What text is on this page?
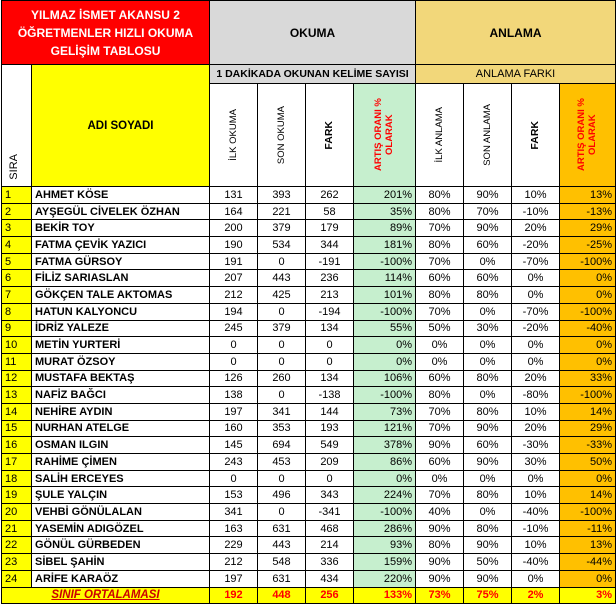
YILMAZ İSMET AKANSU 2 ÖĞRETMENLER HIZLI OKUMA GELİŞİM TABLOSU		OKUMA				ANLAMA			

SIRA	ADI SOYADI	1 DAKİKADA OKUNAN KELİME SAYISI				ANLAMA FARKI			

		İLK OKUMA	SON OKUMA	FARK	ARTIŞ ORANI % OLARAK	İLK ANLAMA	SON ANLAMA	FARK	ARTIŞ ORANI % OLARAK

1	AHMET KÖSE	131	393	262	201%	80%	90%	10%	13%
2	AYŞEGÜL CİVELEK ÖZHAN	164	221	58	35%	80%	70%	-10%	-13%
3	BEKİR TOY	200	379	179	89%	70%	90%	20%	29%
4	FATMA ÇEVİK YAZICI	190	534	344	181%	80%	60%	-20%	-25%
5	FATMA GÜRSOY	191	0	-191	-100%	70%	0%	-70%	-100%
6	FİLİZ SARIASLAN	207	443	236	114%	60%	60%	0%	0%
7	GÖKÇEN TALE AKTOMAS	212	425	213	101%	80%	80%	0%	0%
8	HATUN KALYONCU	194	0	-194	-100%	70%	0%	-70%	-100%
9	İDRİZ YALEZE	245	379	134	55%	50%	30%	-20%	-40%
10	METİN YURTERİ	0	0	0	0%	0%	0%	0%	0%
11	MURAT ÖZSOY	0	0	0	0%	0%	0%	0%	0%
12	MUSTAFA BEKTAŞ	126	260	134	106%	60%	80%	20%	33%
13	NAFİZ BAĞCI	138	0	-138	-100%	80%	0%	-80%	-100%
14	NEHİRE AYDIN	197	341	144	73%	70%	80%	10%	14%
15	NURHAN ATELGE	160	353	193	121%	70%	90%	20%	29%
16	OSMAN ILGIN	145	694	549	378%	90%	60%	-30%	-33%
17	RAHİME ÇİMEN	243	453	209	86%	60%	90%	30%	50%
18	SALİH ERCEYES	0	0	0	0%	0%	0%	0%	0%
19	ŞULE YALÇIN	153	496	343	224%	70%	80%	10%	14%
20	VEHBİ GÖNÜLALAN	341	0	-341	-100%	40%	0%	-40%	-100%
21	YASEMİN ADIGÖZEL	163	631	468	286%	90%	80%	-10%	-11%
22	GÖNÜL GÜRBEDEN	229	443	214	93%	80%	90%	10%	13%
23	SİBEL ŞAHİN	212	548	336	159%	90%	50%	-40%	-44%
24	ARİFE KARAÖZ	197	631	434	220%	90%	90%	0%	0%
SINIF ORTALAMASI		192	448	256	133%	73%	75%	2%	3%
